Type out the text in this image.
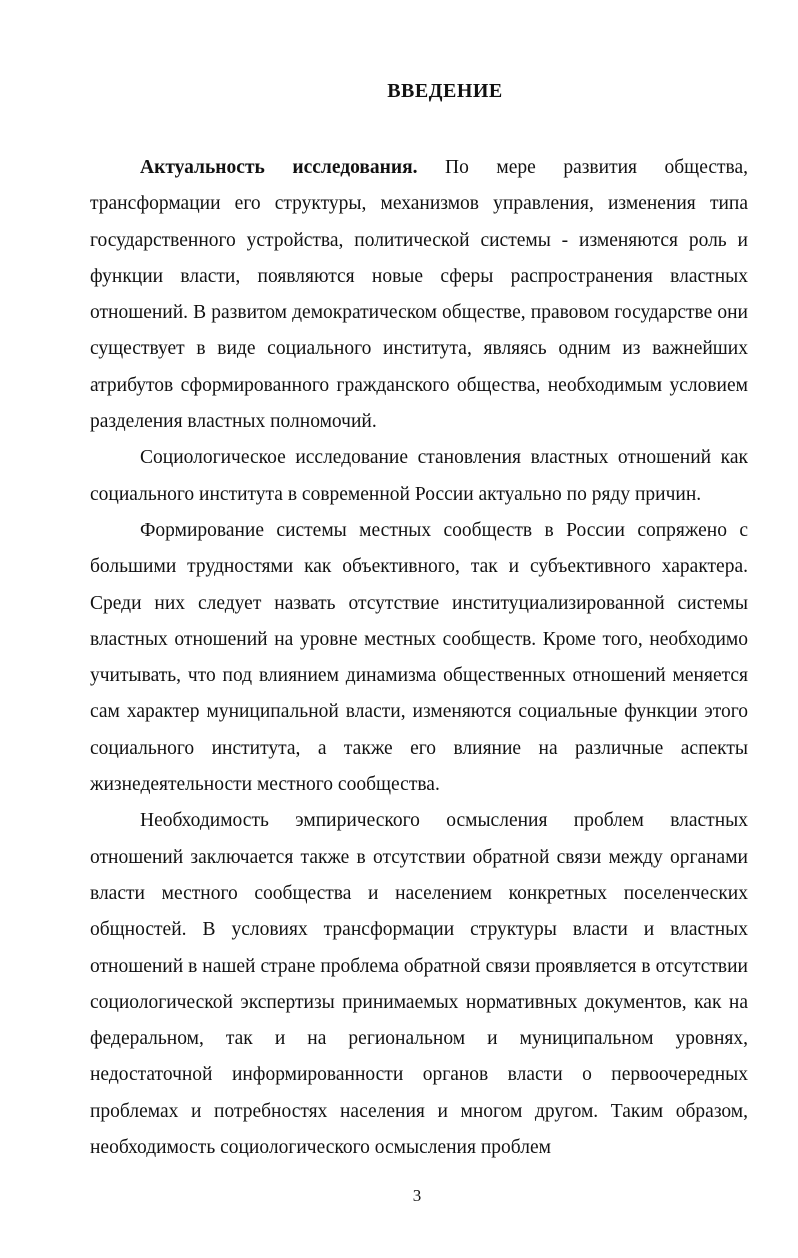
ВВЕДЕНИЕ

Актуальность исследования. По мере развития общества, трансформации его структуры, механизмов управления, изменения типа государственного устройства, политической системы - изменяются роль и функции власти, появляются новые сферы распространения властных отношений. В развитом демократическом обществе, правовом государстве они существует в виде социального института, являясь одним из важнейших атрибутов сформированного гражданского общества, необходимым условием разделения властных полномочий.

Социологическое исследование становления властных отношений как социального института в современной России актуально по ряду причин.

Формирование системы местных сообществ в России сопряжено с большими трудностями как объективного, так и субъективного характера. Среди них следует назвать отсутствие институциализированной системы властных отношений на уровне местных сообществ. Кроме того, необходимо учитывать, что под влиянием динамизма общественных отношений меняется сам характер муниципальной власти, изменяются социальные функции этого социального института, а также его влияние на различные аспекты жизнедеятельности местного сообщества.

Необходимость эмпирического осмысления проблем властных отношений заключается также в отсутствии обратной связи между органами власти местного сообщества и населением конкретных поселенческих общностей. В условиях трансформации структуры власти и властных отношений в нашей стране проблема обратной связи проявляется в отсутствии социологической экспертизы принимаемых нормативных документов, как на федеральном, так и на региональном и муниципальном уровнях, недостаточной информированности органов власти о первоочередных проблемах и потребностях населения и многом другом. Таким образом, необходимость социологического осмысления проблем

3
